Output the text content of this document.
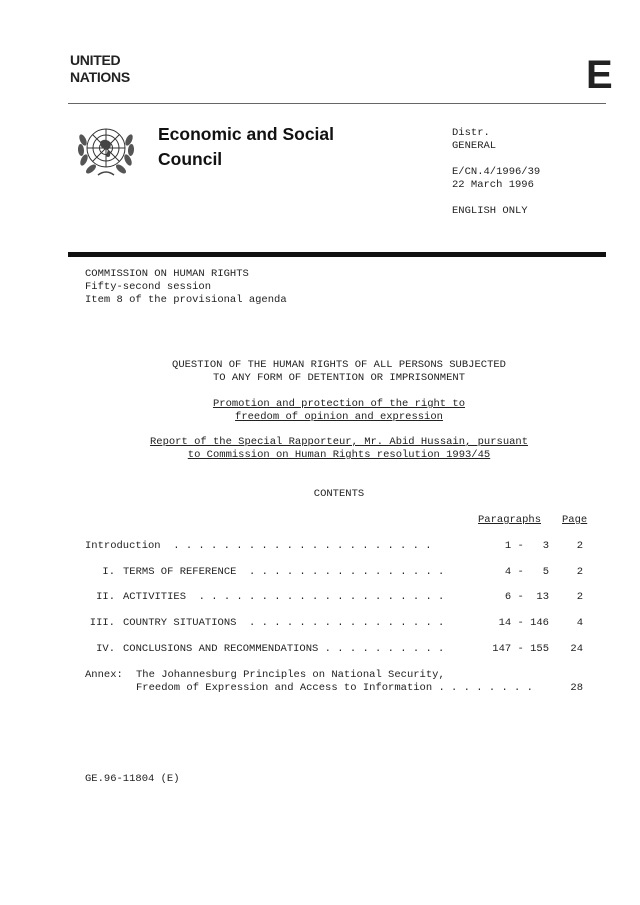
UNITED
NATIONS	E
Economic and Social
Council
Distr.
GENERAL
E/CN.4/1996/39
22 March 1996
ENGLISH ONLY
COMMISSION ON HUMAN RIGHTS
Fifty-second session
Item 8 of the provisional agenda
QUESTION OF THE HUMAN RIGHTS OF ALL PERSONS SUBJECTED
TO ANY FORM OF DETENTION OR IMPRISONMENT
Promotion and protection of the right to
freedom of opinion and expression
Report of the Special Rapporteur, Mr. Abid Hussain, pursuant
to Commission on Human Rights resolution 1993/45
CONTENTS
Paragraphs Page
Introduction  . . . . . . . . . . . . . . . . . . . . .	1 -   3	2
I. TERMS OF REFERENCE  . . . . . . . . . . . . . . . .	4 -   5	2
II. ACTIVITIES  . . . . . . . . . . . . . . . . . . . .	6 -  13	2
III. COUNTRY SITUATIONS  . . . . . . . . . . . . . . . .	14 - 146	4
IV. CONCLUSIONS AND RECOMMENDATIONS . . . . . . . . . .	147 - 155	24
Annex: The Johannesburg Principles on National Security,
Freedom of Expression and Access to Information . . . . . . . .	28
GE.96-11804 (E)
